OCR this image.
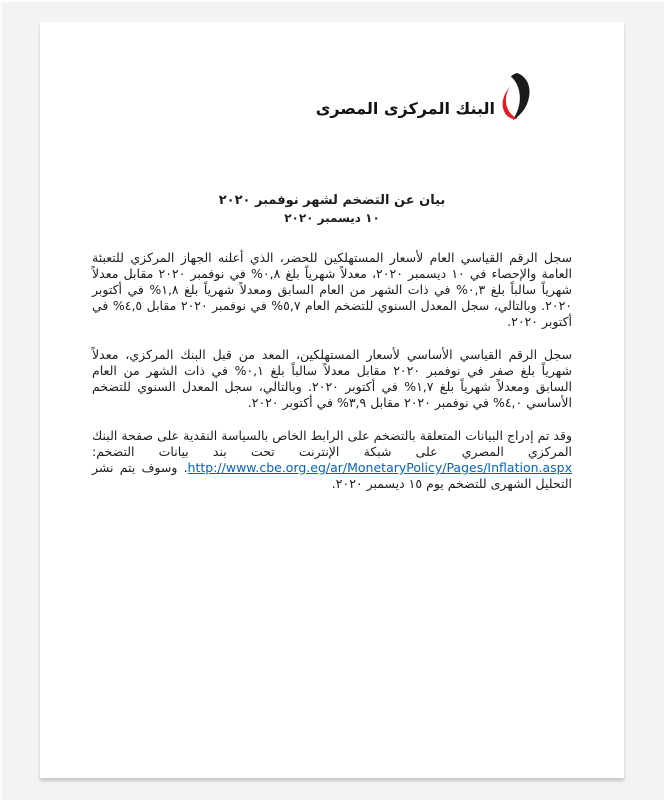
البنك المركزى المصرى
بيان عن التضخم لشهر نوفمبر ٢٠٢٠
١٠ ديسمبر ٢٠٢٠

سجل الرقم القياسي العام لأسعار المستهلكين للحضر، الذي أعلنه الجهاز المركزي للتعبئة العامة والإحصاء في ١٠ ديسمبر ٢٠٢٠، معدلاً شهرياً بلغ ٠,٨% في نوفمبر ٢٠٢٠ مقابل معدلاً شهرياً سالباً بلغ ٠,٣% في ذات الشهر من العام السابق ومعدلاً شهرياً بلغ ١,٨% في أكتوبر ٢٠٢٠. وبالتالي، سجل المعدل السنوي للتضخم العام ٥,٧% في نوفمبر ٢٠٢٠ مقابل ٤,٥% في أكتوبر ٢٠٢٠.

سجل الرقم القياسي الأساسي لأسعار المستهلكين، المعد من قبل البنك المركزي، معدلاً شهرياً بلغ صفر في نوفمبر ٢٠٢٠ مقابل معدلاً سالباً بلغ ٠,١% في ذات الشهر من العام السابق ومعدلاً شهرياً بلغ ١,٧% في أكتوبر ٢٠٢٠. وبالتالي، سجل المعدل السنوي للتضخم الأساسي ٤,٠% في نوفمبر ٢٠٢٠ مقابل ٣,٩% في أكتوبر ٢٠٢٠.

وقد تم إدراج البيانات المتعلقة بالتضخم على الرابط الخاص بالسياسة النقدية على صفحة البنك المركزي المصري على شبكة الإنترنت تحت بند بيانات التضخم: http://www.cbe.org.eg/ar/MonetaryPolicy/Pages/Inflation.aspx. وسوف يتم نشر التحليل الشهرى للتضخم يوم ١٥ ديسمبر ٢٠٢٠.
